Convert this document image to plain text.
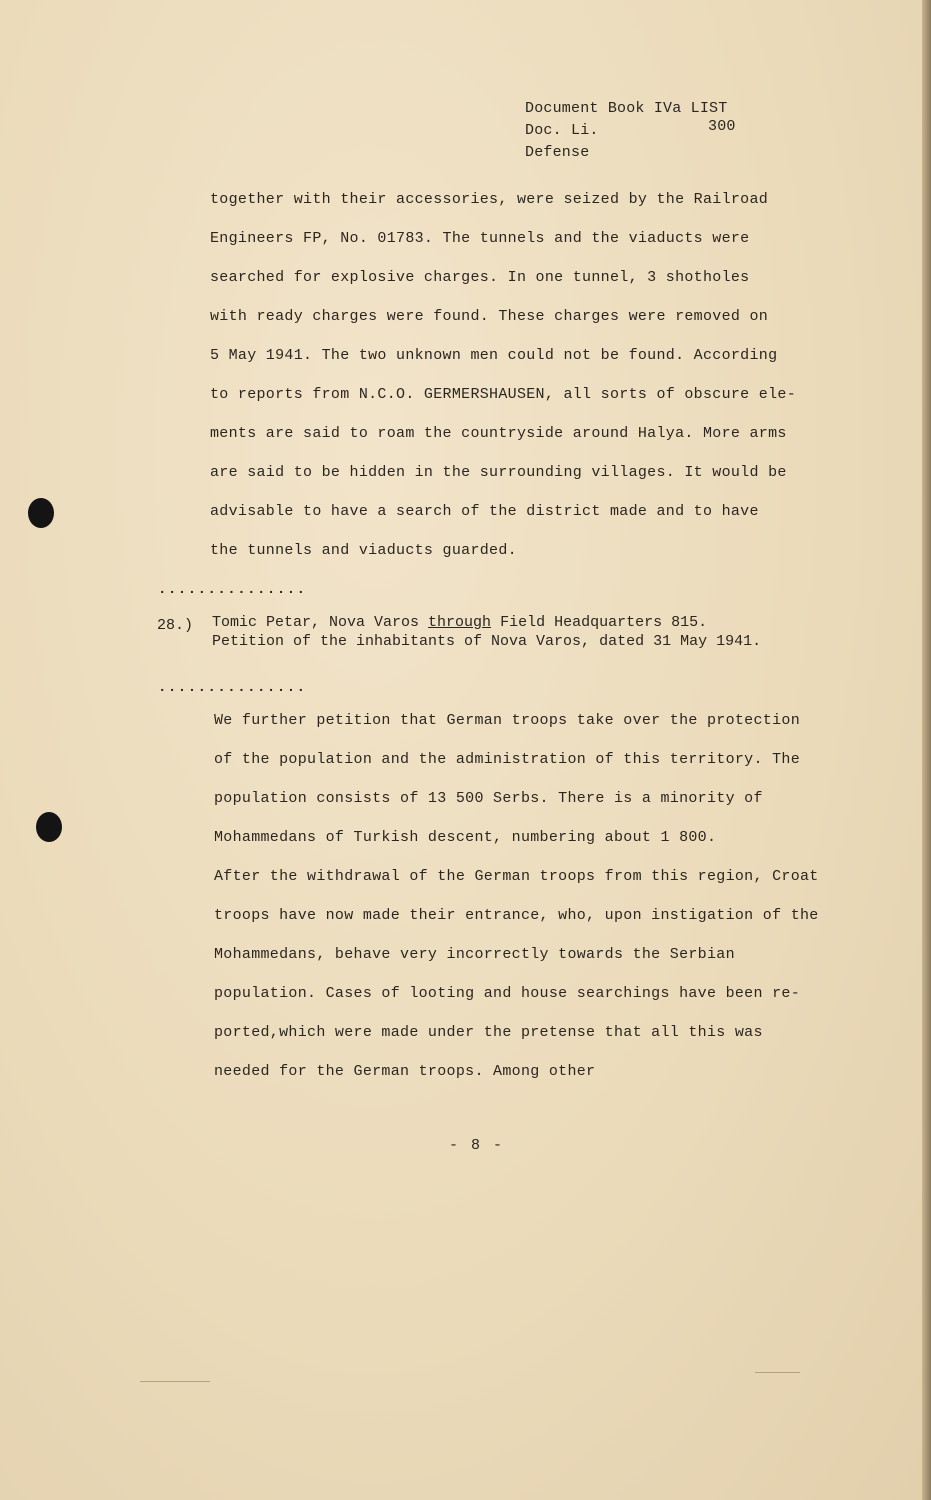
Document Book IVa LIST
Doc. Li.	300
Defense
together with their accessories, were seized by the Railroad
Engineers FP, No. 01783. The tunnels and the viaducts were
searched for explosive charges. In one tunnel, 3 shotholes
with ready charges were found. These charges were removed on
5 May 1941. The two unknown men could not be found. According
to reports from N.C.O. GERMERSHAUSEN, all sorts of obscure ele-
ments are said to roam the countryside around Halya. More arms
are said to be hidden in the surrounding villages. It would be
advisable to have a search of the district made and to have
the tunnels and viaducts guarded.
...............
28.) Tomic Petar, Nova Varos through Field Headquarters 815.
Petition of the inhabitants of Nova Varos, dated 31 May 1941.
...............
We further petition that German troops take over the protection
of the population and the administration of this territory. The
population consists of 13 500 Serbs. There is a minority of
Mohammedans of Turkish descent, numbering about 1 800.
After the withdrawal of the German troops from this region, Croat
troops have now made their entrance, who, upon instigation of the
Mohammedans, behave very incorrectly towards the Serbian
population. Cases of looting and house searchings have been re-
ported,which were made under the pretense that all this was
needed for the German troops. Among other
- 8 -
